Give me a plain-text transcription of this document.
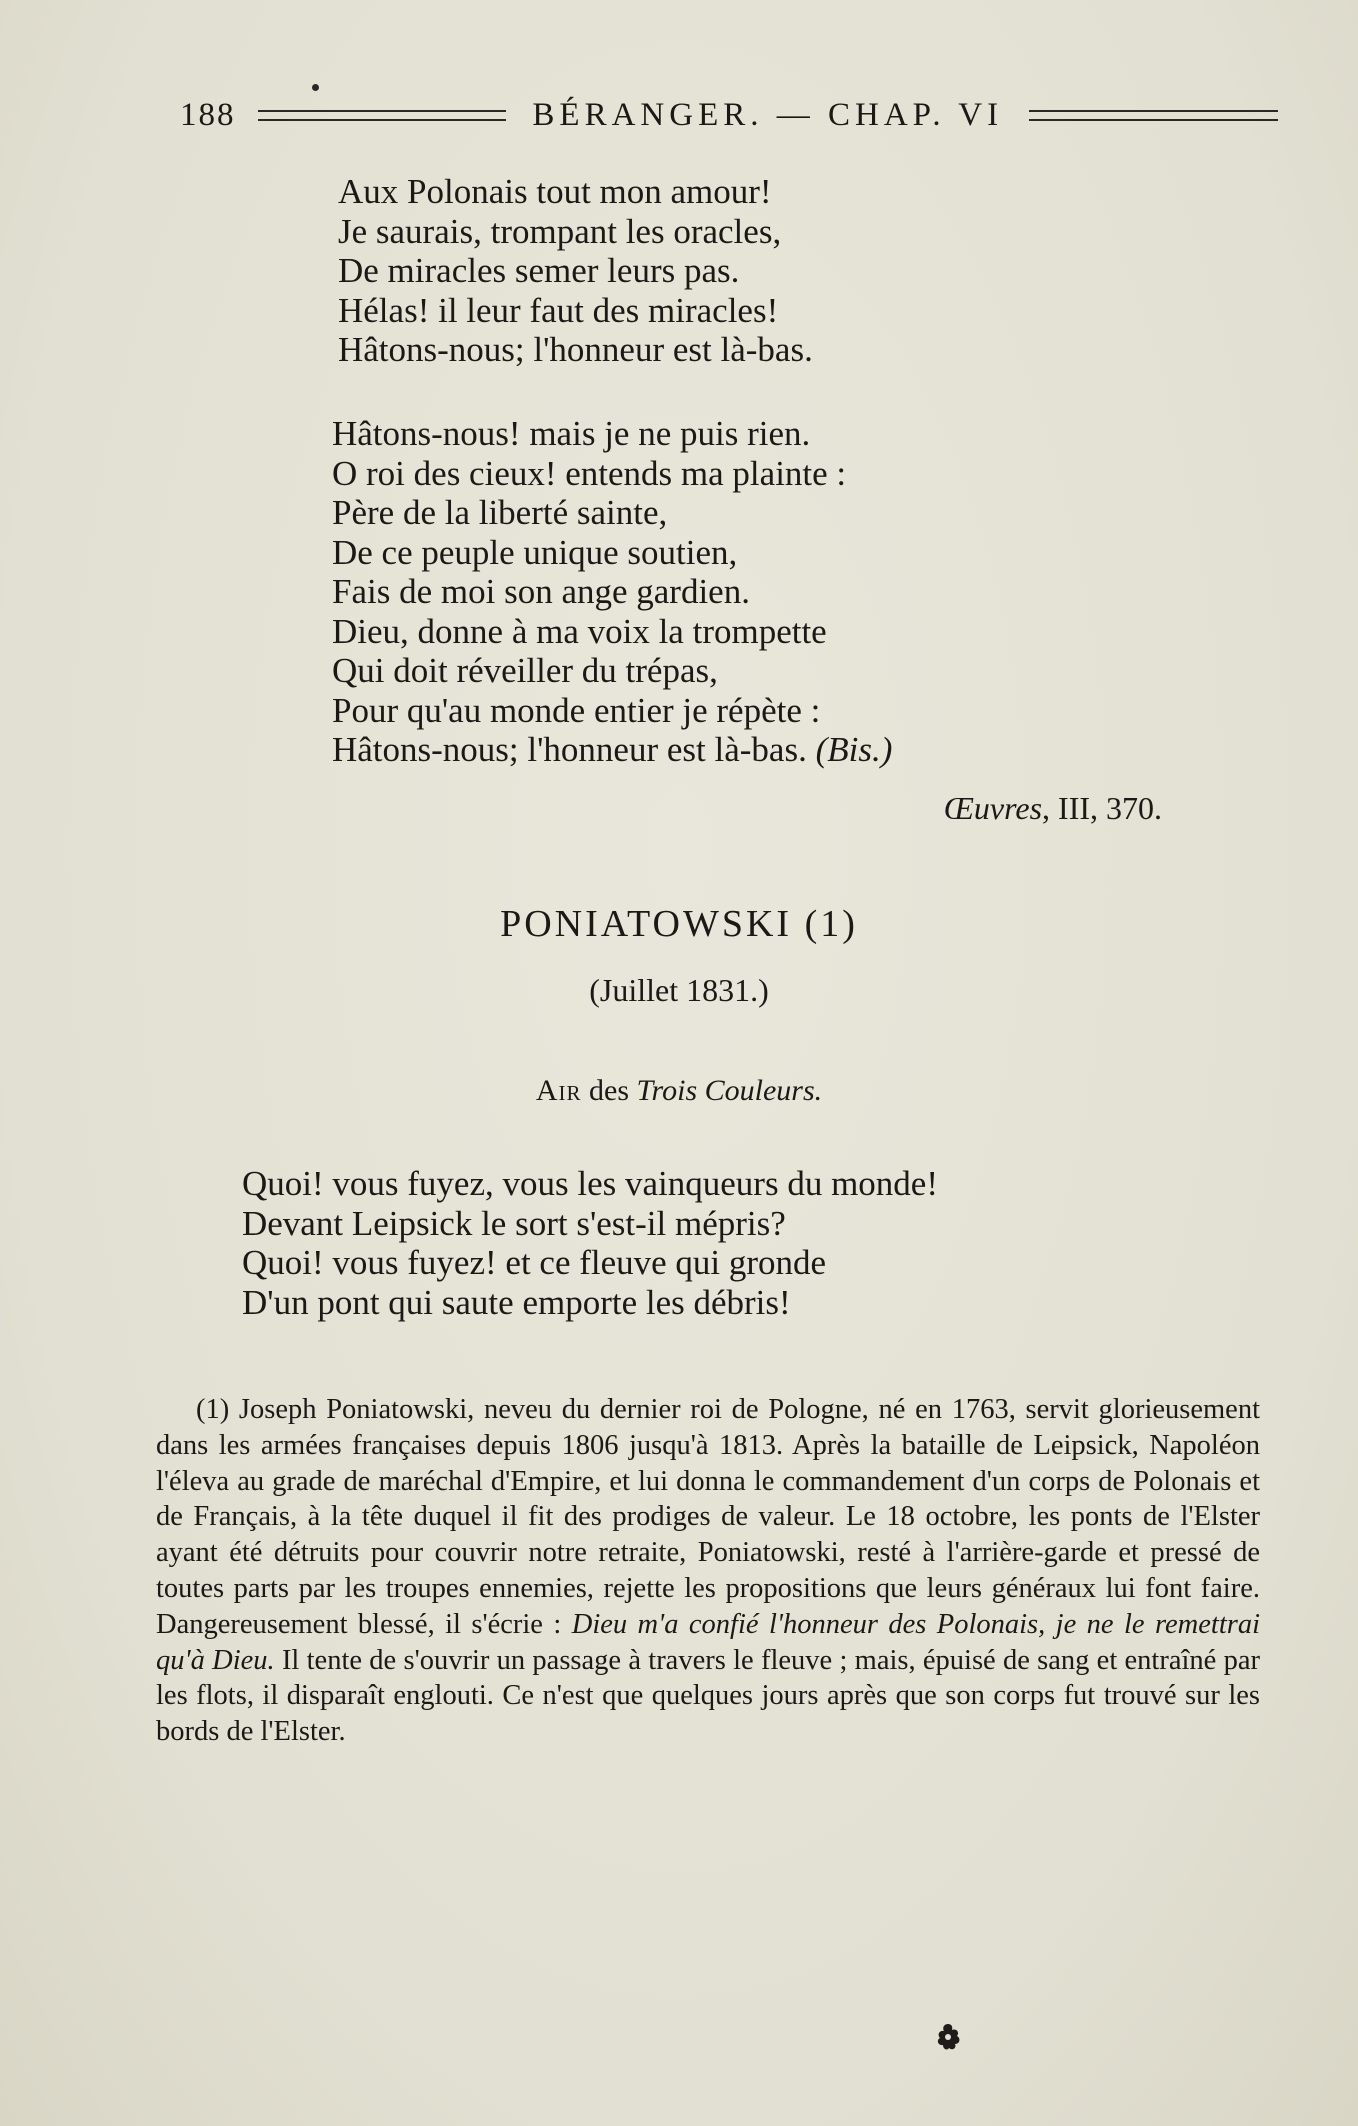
188	BÉRANGER. — CHAP. VI
Aux Polonais tout mon amour!
Je saurais, trompant les oracles,
De miracles semer leurs pas.
Hélas! il leur faut des miracles!
Hâtons-nous; l'honneur est là-bas.
Hâtons-nous! mais je ne puis rien.
O roi des cieux! entends ma plainte :
Père de la liberté sainte,
De ce peuple unique soutien,
Fais de moi son ange gardien.
Dieu, donne à ma voix la trompette
Qui doit réveiller du trépas,
Pour qu'au monde entier je répète :
Hâtons-nous; l'honneur est là-bas. (Bis.)
Œuvres, III, 370.
PONIATOWSKI (1)
(Juillet 1831.)
Air des Trois Couleurs.
Quoi! vous fuyez, vous les vainqueurs du monde!
Devant Leipsick le sort s'est-il mépris?
Quoi! vous fuyez! et ce fleuve qui gronde
D'un pont qui saute emporte les débris!
(1) Joseph Poniatowski, neveu du dernier roi de Pologne, né en 1763, servit glorieusement dans les armées françaises depuis 1806 jusqu'à 1813. Après la bataille de Leipsick, Napoléon l'éleva au grade de maréchal d'Empire, et lui donna le commandement d'un corps de Polonais et de Français, à la tête duquel il fit des prodiges de valeur. Le 18 octobre, les ponts de l'Elster ayant été détruits pour couvrir notre retraite, Poniatowski, resté à l'arrière-garde et pressé de toutes parts par les troupes ennemies, rejette les propositions que leurs généraux lui font faire. Dangereusement blessé, il s'écrie : Dieu m'a confié l'honneur des Polonais, je ne le remettrai qu'à Dieu. Il tente de s'ouvrir un passage à travers le fleuve ; mais, épuisé de sang et entraîné par les flots, il disparaît englouti. Ce n'est que quelques jours après que son corps fut trouvé sur les bords de l'Elster.
